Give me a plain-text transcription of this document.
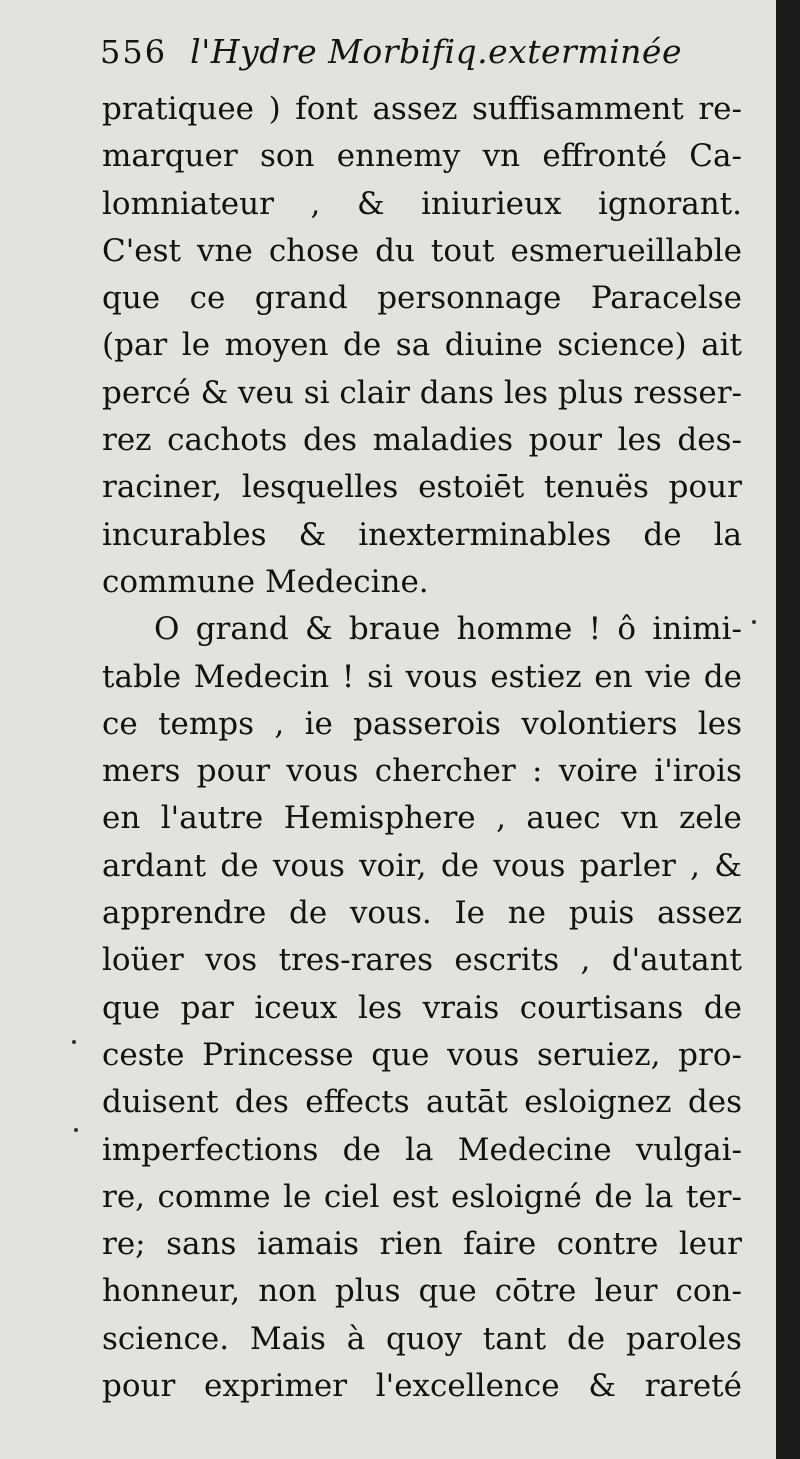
556 l'Hydre Morbifiq.exterminée
pratiquee ) font assez suffisamment re-
marquer son ennemy vn effronté Ca-
lomniateur , & iniurieux ignorant.
C'est vne chose du tout esmerueillable
que ce grand personnage Paracelse
(par le moyen de sa diuine science) ait
percé & veu si clair dans les plus resser-
rez cachots des maladies pour les des-
raciner, lesquelles estoiēt tenuës pour
incurables & inexterminables de la
commune Medecine.
O grand & braue homme ! ô inimi-
table Medecin ! si vous estiez en vie de
ce temps , ie passerois volontiers les
mers pour vous chercher : voire i'irois
en l'autre Hemisphere , auec vn zele
ardant de vous voir, de vous parler , &
apprendre de vous. Ie ne puis assez
loüer vos tres-rares escrits , d'autant
que par iceux les vrais courtisans de
ceste Princesse que vous seruiez, pro-
duisent des effects autāt esloignez des
imperfections de la Medecine vulgai-
re, comme le ciel est esloigné de la ter-
re; sans iamais rien faire contre leur
honneur, non plus que cōtre leur con-
science. Mais à quoy tant de paroles
pour exprimer l'excellence & rareté
